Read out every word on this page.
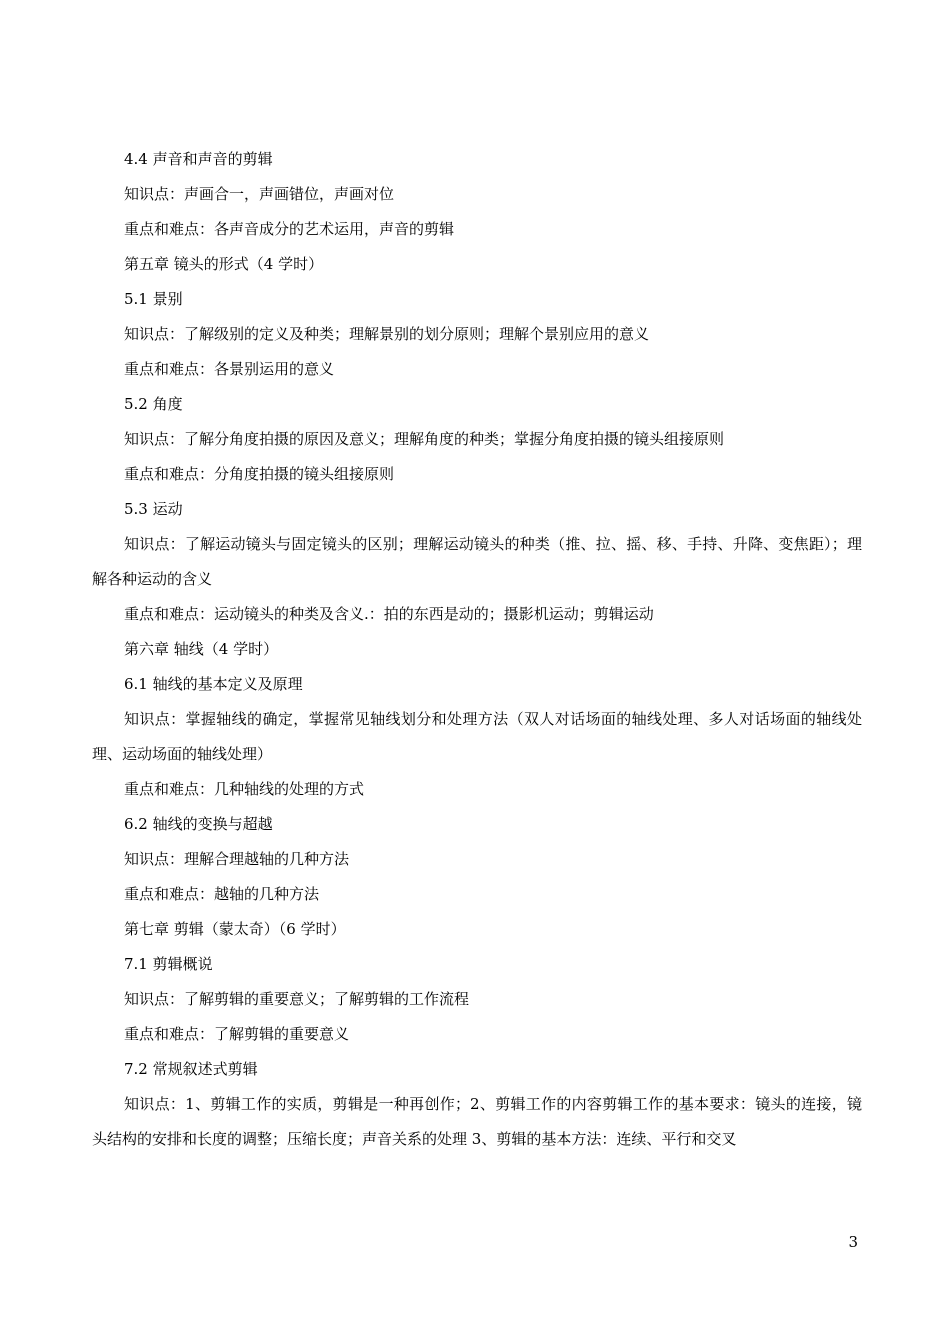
4.4 声音和声音的剪辑

知识点：声画合一，声画错位，声画对位

重点和难点：各声音成分的艺术运用，声音的剪辑

第五章 镜头的形式（4 学时）

5.1 景别

知识点：了解级别的定义及种类；理解景别的划分原则；理解个景别应用的意义

重点和难点：各景别运用的意义

5.2 角度

知识点：了解分角度拍摄的原因及意义；理解角度的种类；掌握分角度拍摄的镜头组接原则

重点和难点：分角度拍摄的镜头组接原则

5.3 运动

知识点：了解运动镜头与固定镜头的区别；理解运动镜头的种类（推、拉、摇、移、手持、升降、变焦距）；理解各种运动的含义

重点和难点：运动镜头的种类及含义.：拍的东西是动的；摄影机运动；剪辑运动

第六章 轴线（4 学时）

6.1 轴线的基本定义及原理

知识点：掌握轴线的确定，掌握常见轴线划分和处理方法（双人对话场面的轴线处理、多人对话场面的轴线处理、运动场面的轴线处理）

重点和难点：几种轴线的处理的方式

6.2 轴线的变换与超越

知识点：理解合理越轴的几种方法

重点和难点：越轴的几种方法

第七章 剪辑（蒙太奇）（6 学时）

7.1 剪辑概说

知识点：了解剪辑的重要意义；了解剪辑的工作流程

重点和难点：了解剪辑的重要意义

7.2 常规叙述式剪辑

知识点：1、剪辑工作的实质，剪辑是一种再创作；2、剪辑工作的内容剪辑工作的基本要求：镜头的连接，镜头结构的安排和长度的调整；压缩长度；声音关系的处理 3、剪辑的基本方法：连续、平行和交叉

3
